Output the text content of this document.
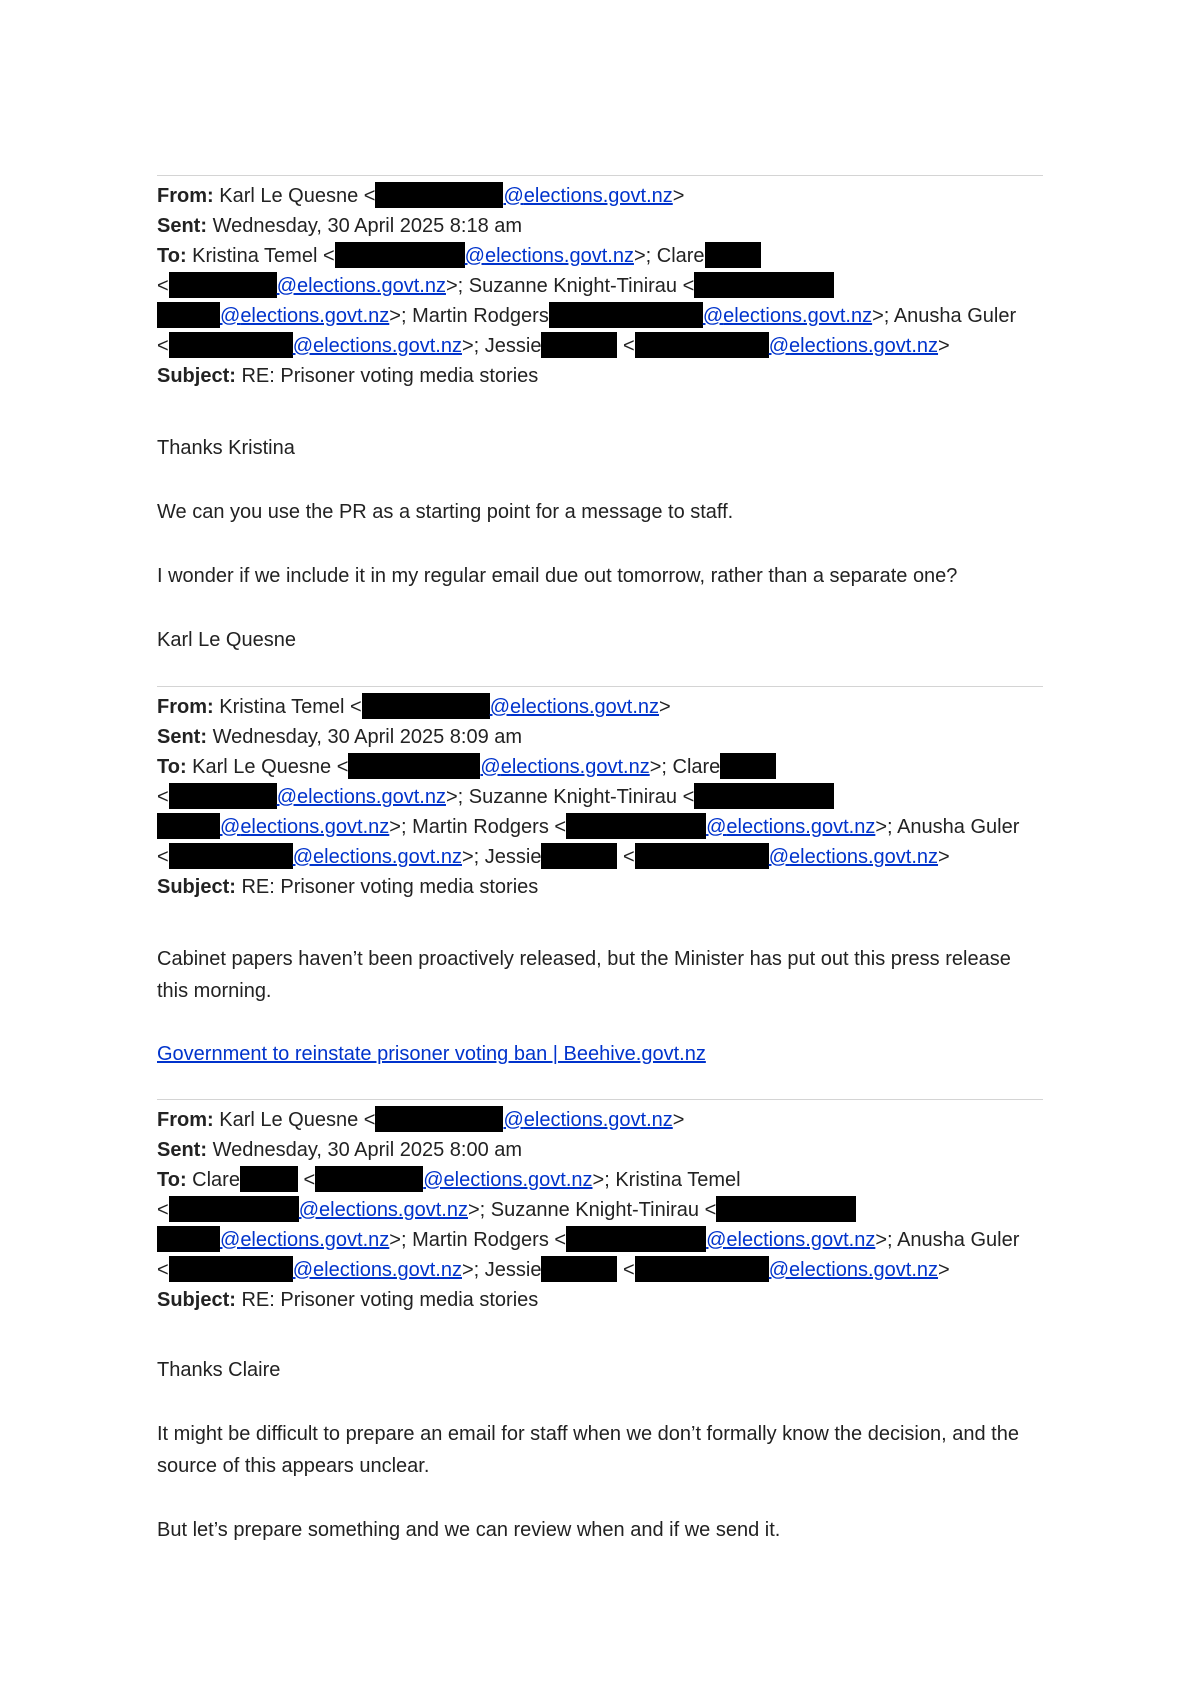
From: Karl Le Quesne <	@elections.govt.nz>
Sent: Wednesday, 30 April 2025 8:18 am
To: Kristina Temel <	@elections.govt.nz>; Clare
<	@elections.govt.nz>; Suzanne Knight-Tinirau <
@elections.govt.nz>; Martin Rodgers	@elections.govt.nz>; Anusha Guler
<	@elections.govt.nz>; Jessie	<	@elections.govt.nz>
Subject: RE: Prisoner voting media stories
Thanks Kristina
We can you use the PR as a starting point for a message to staff.
I wonder if we include it in my regular email due out tomorrow, rather than a separate one?
Karl Le Quesne
From: Kristina Temel <	@elections.govt.nz>
Sent: Wednesday, 30 April 2025 8:09 am
To: Karl Le Quesne <	@elections.govt.nz>; Clare
<	@elections.govt.nz>; Suzanne Knight-Tinirau <
@elections.govt.nz>; Martin Rodgers <	@elections.govt.nz>; Anusha Guler
<	@elections.govt.nz>; Jessie	<	@elections.govt.nz>
Subject: RE: Prisoner voting media stories
Cabinet papers haven’t been proactively released, but the Minister has put out this press release this morning.
Government to reinstate prisoner voting ban | Beehive.govt.nz
From: Karl Le Quesne <	@elections.govt.nz>
Sent: Wednesday, 30 April 2025 8:00 am
To: Clare	<	@elections.govt.nz>; Kristina Temel
<	@elections.govt.nz>; Suzanne Knight-Tinirau <
@elections.govt.nz>; Martin Rodgers <	@elections.govt.nz>; Anusha Guler
<	@elections.govt.nz>; Jessie	<	@elections.govt.nz>
Subject: RE: Prisoner voting media stories
Thanks Claire
It might be difficult to prepare an email for staff when we don’t formally know the decision, and the source of this appears unclear.
But let’s prepare something and we can review when and if we send it.
